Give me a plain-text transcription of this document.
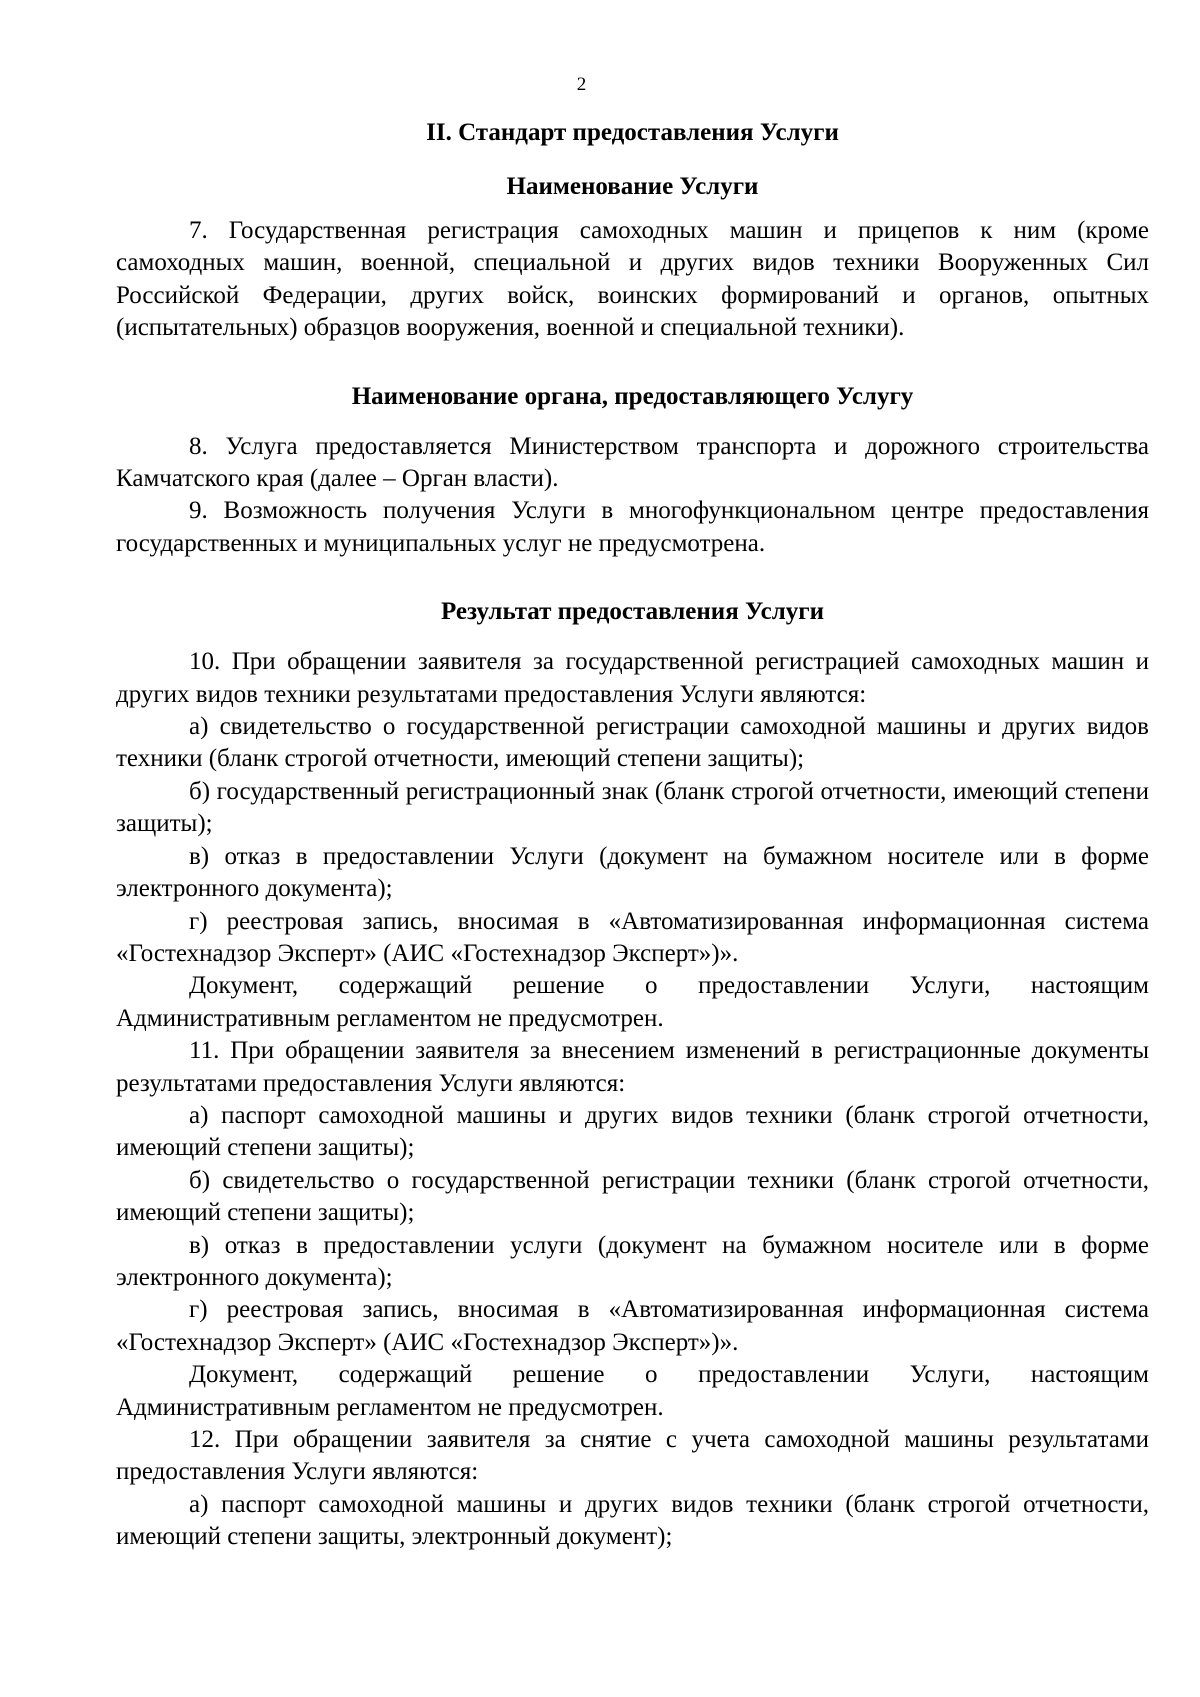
2
II. Стандарт предоставления Услуги
Наименование Услуги

7. Государственная регистрация самоходных машин и прицепов к ним (кроме самоходных машин, военной, специальной и других видов техники Вооруженных Сил Российской Федерации, других войск, воинских формирований и органов, опытных (испытательных) образцов вооружения, военной и специальной техники).

Наименование органа, предоставляющего Услугу

8. Услуга предоставляется Министерством транспорта и дорожного строительства Камчатского края (далее – Орган власти).

9. Возможность получения Услуги в многофункциональном центре предоставления государственных и муниципальных услуг не предусмотрена.

Результат предоставления Услуги

10. При обращении заявителя за государственной регистрацией самоходных машин и других видов техники результатами предоставления Услуги являются:

а) свидетельство о государственной регистрации самоходной машины и других видов техники (бланк строгой отчетности, имеющий степени защиты);

б) государственный регистрационный знак (бланк строгой отчетности, имеющий степени защиты);

в) отказ в предоставлении Услуги (документ на бумажном носителе или в форме электронного документа);

г) реестровая запись, вносимая в «Автоматизированная информационная система «Гостехнадзор Эксперт» (АИС «Гостехнадзор Эксперт»)».

Документ, содержащий решение о предоставлении Услуги, настоящим Административным регламентом не предусмотрен.

11. При обращении заявителя за внесением изменений в регистрационные документы результатами предоставления Услуги являются:

а) паспорт самоходной машины и других видов техники (бланк строгой отчетности, имеющий степени защиты);

б) свидетельство о государственной регистрации техники (бланк строгой отчетности, имеющий степени защиты);

в) отказ в предоставлении услуги (документ на бумажном носителе или в форме электронного документа);

г) реестровая запись, вносимая в «Автоматизированная информационная система «Гостехнадзор Эксперт» (АИС «Гостехнадзор Эксперт»)».

Документ, содержащий решение о предоставлении Услуги, настоящим Административным регламентом не предусмотрен.

12. При обращении заявителя за снятие с учета самоходной машины результатами предоставления Услуги являются:

а) паспорт самоходной машины и других видов техники (бланк строгой отчетности, имеющий степени защиты, электронный документ);
